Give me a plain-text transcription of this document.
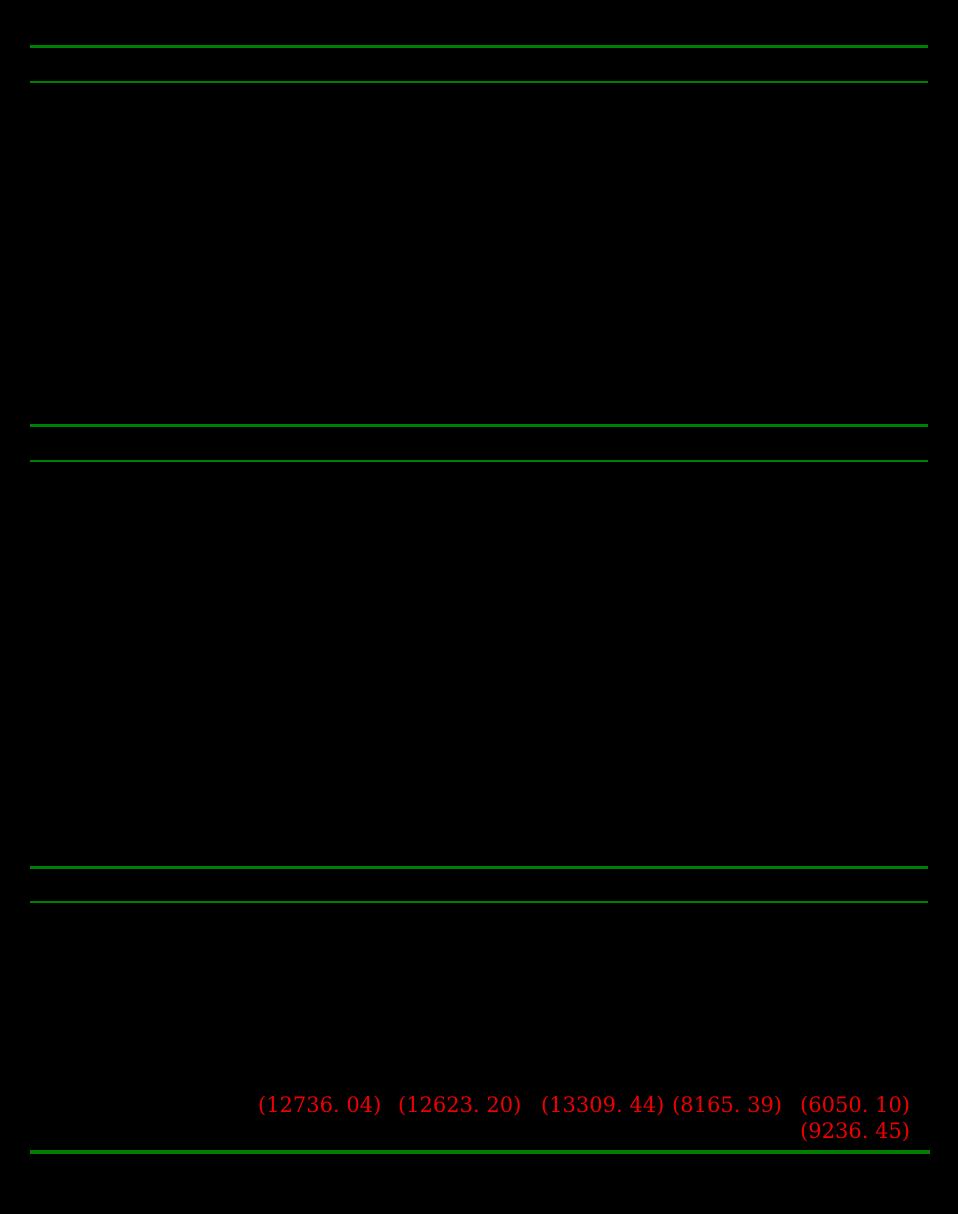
(12736. 04) (12623. 20) (13309. 44) (8165. 39) (6050. 10)
(9236. 45)
